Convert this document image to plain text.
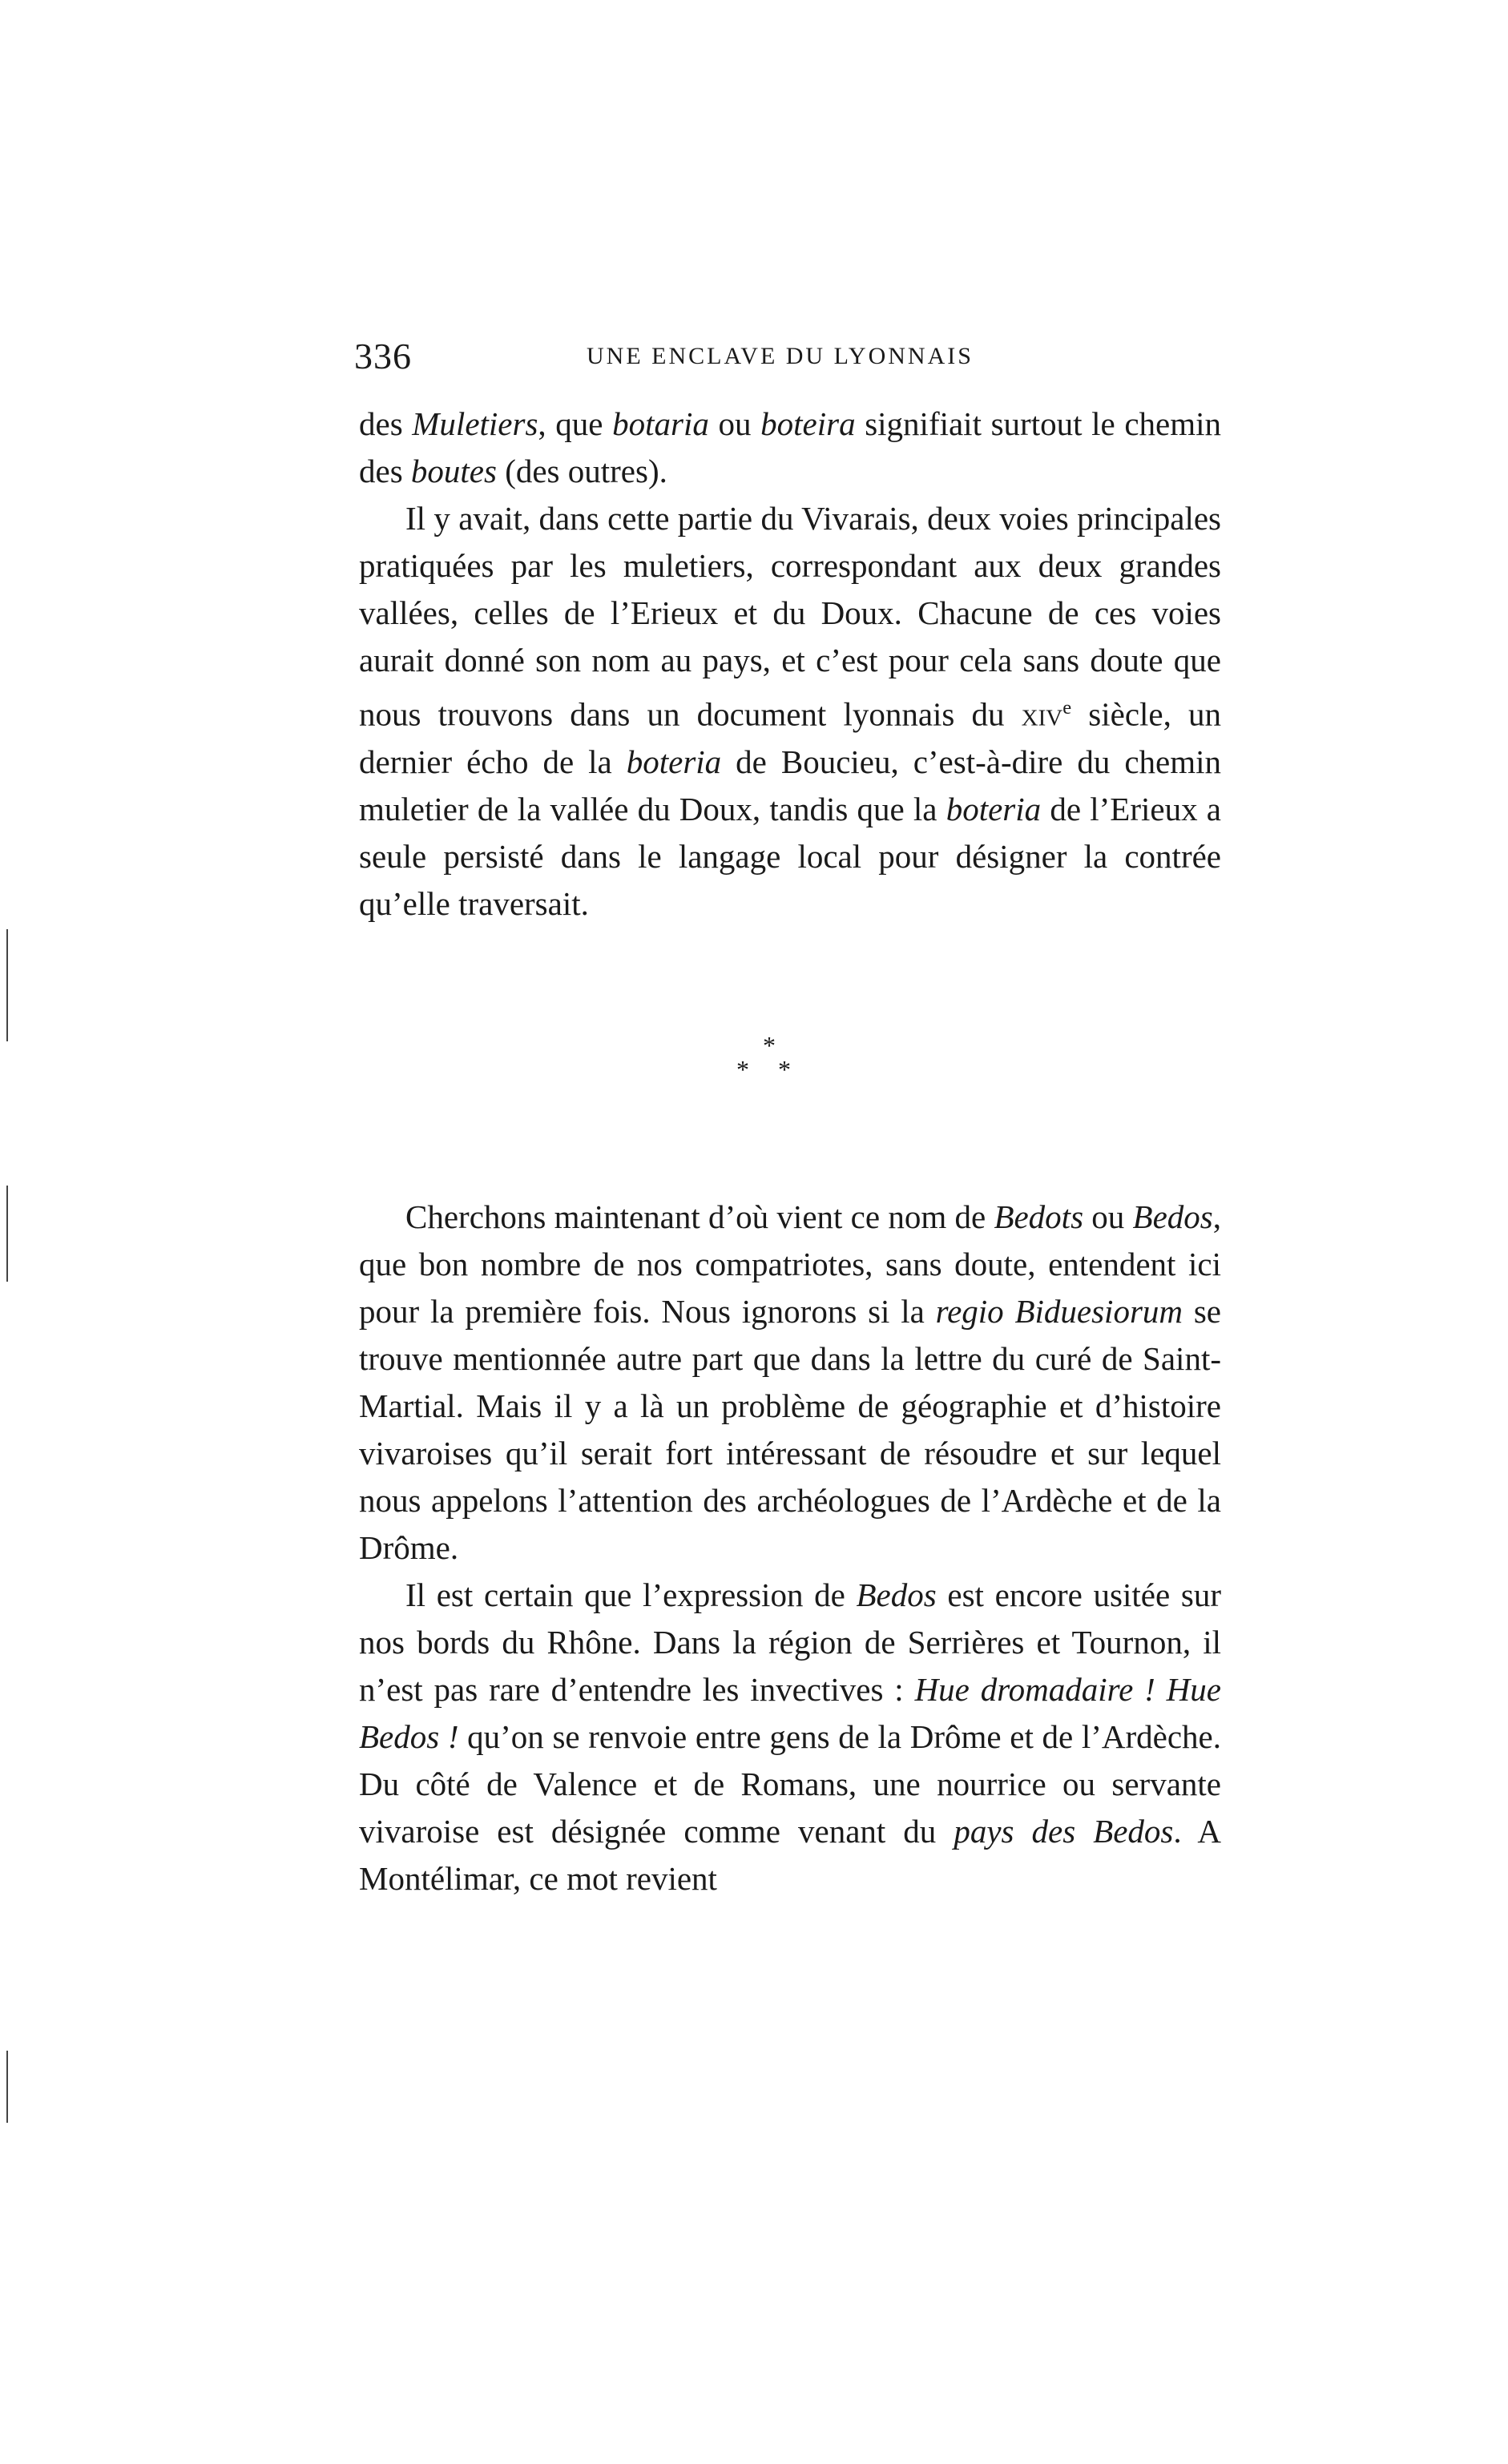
336	UNE ENCLAVE DU LYONNAIS

des Muletiers, que botaria ou boteira signifiait surtout le chemin des boutes (des outres).

Il y avait, dans cette partie du Vivarais, deux voies principales pratiquées par les muletiers, correspondant aux deux grandes vallées, celles de l’Erieux et du Doux. Chacune de ces voies aurait donné son nom au pays, et c’est pour cela sans doute que nous trouvons dans un document lyonnais du xiv$^e$ siècle, un dernier écho de la boteria de Boucieu, c’est-à-dire du chemin muletier de la vallée du Doux, tandis que la boteria de l’Erieux a seule persisté dans le langage local pour désigner la contrée qu’elle traversait.

*
* *

Cherchons maintenant d’où vient ce nom de Bedots ou Bedos, que bon nombre de nos compatriotes, sans doute, entendent ici pour la première fois. Nous ignorons si la regio Biduesiorum se trouve mentionnée autre part que dans la lettre du curé de Saint-Martial. Mais il y a là un problème de géographie et d’histoire vivaroises qu’il serait fort intéressant de résoudre et sur lequel nous appelons l’attention des archéologues de l’Ardèche et de la Drôme.

Il est certain que l’expression de Bedos est encore usitée sur nos bords du Rhône. Dans la région de Serrières et Tournon, il n’est pas rare d’entendre les invectives : Hue dromadaire ! Hue Bedos ! qu’on se renvoie entre gens de la Drôme et de l’Ardèche. Du côté de Valence et de Romans, une nourrice ou servante vivaroise est désignée comme venant du pays des Bedos. A Montélimar, ce mot revient
